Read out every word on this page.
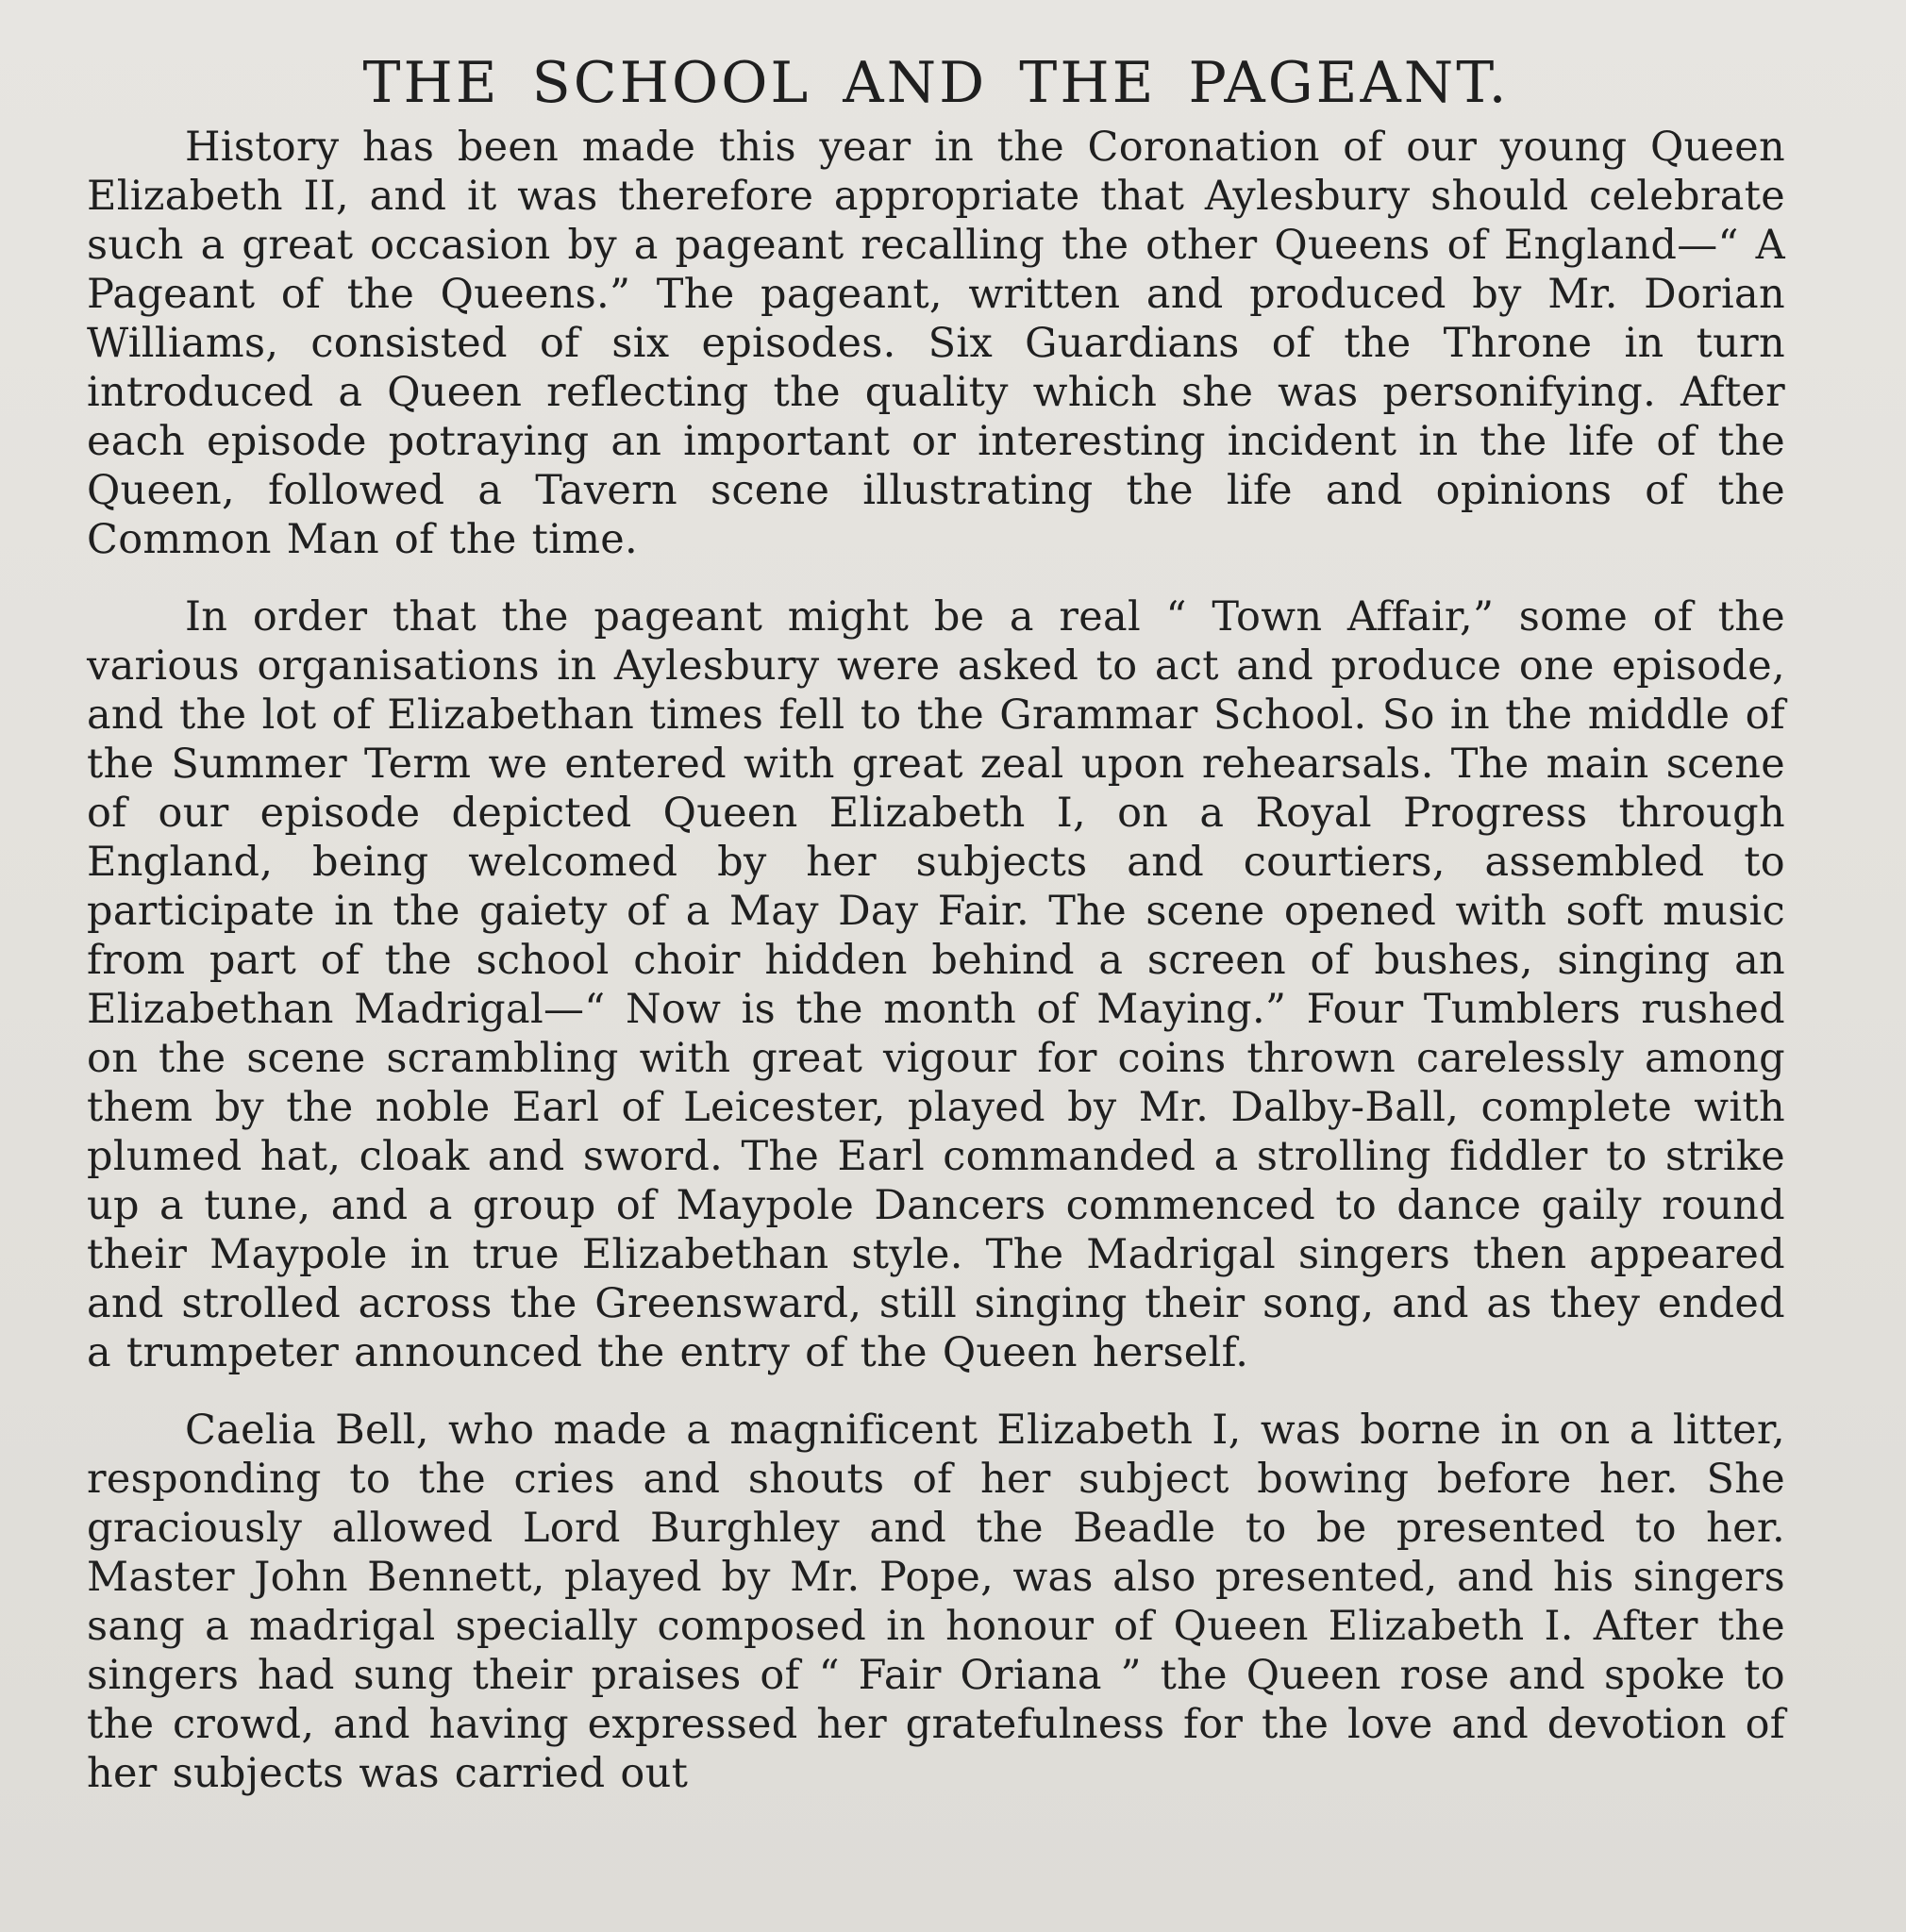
THE SCHOOL AND THE PAGEANT.

History has been made this year in the Coronation of our young Queen Elizabeth II, and it was therefore appropriate that Aylesbury should celebrate such a great occasion by a pageant recalling the other Queens of England—“ A Pageant of the Queens.” The pageant, written and produced by Mr. Dorian Williams, consisted of six episodes. Six Guardians of the Throne in turn introduced a Queen reflecting the quality which she was personifying. After each episode potraying an important or interesting incident in the life of the Queen, followed a Tavern scene illustrating the life and opinions of the Common Man of the time.

In order that the pageant might be a real “ Town Affair,” some of the various organisations in Aylesbury were asked to act and produce one episode, and the lot of Elizabethan times fell to the Grammar School. So in the middle of the Summer Term we entered with great zeal upon rehearsals. The main scene of our episode depicted Queen Elizabeth I, on a Royal Progress through England, being welcomed by her subjects and courtiers, assembled to participate in the gaiety of a May Day Fair. The scene opened with soft music from part of the school choir hidden behind a screen of bushes, singing an Elizabethan Madrigal—“ Now is the month of Maying.” Four Tumblers rushed on the scene scrambling with great vigour for coins thrown carelessly among them by the noble Earl of Leicester, played by Mr. Dalby-Ball, complete with plumed hat, cloak and sword. The Earl commanded a strolling fiddler to strike up a tune, and a group of Maypole Dancers commenced to dance gaily round their Maypole in true Elizabethan style. The Madrigal singers then appeared and strolled across the Greensward, still singing their song, and as they ended a trumpeter announced the entry of the Queen herself.

Caelia Bell, who made a magnificent Elizabeth I, was borne in on a litter, responding to the cries and shouts of her subject bowing before her. She graciously allowed Lord Burghley and the Beadle to be presented to her. Master John Bennett, played by Mr. Pope, was also presented, and his singers sang a madrigal specially composed in honour of Queen Elizabeth I. After the singers had sung their praises of “ Fair Oriana ” the Queen rose and spoke to the crowd, and having expressed her gratefulness for the love and devotion of her subjects was carried out
